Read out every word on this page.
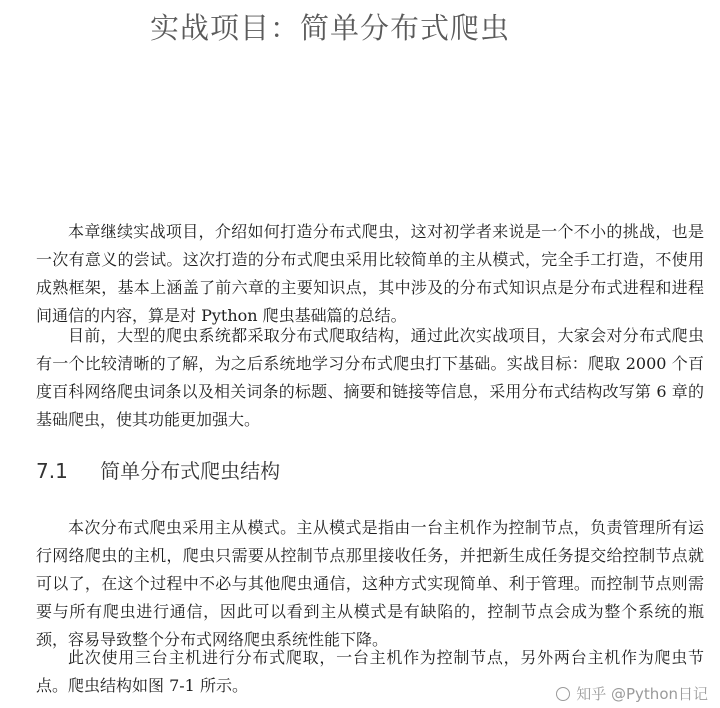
实战项目：简单分布式爬虫

本章继续实战项目，介绍如何打造分布式爬虫，这对初学者来说是一个不小的挑战，也是一次有意义的尝试。这次打造的分布式爬虫采用比较简单的主从模式，完全手工打造，不使用成熟框架，基本上涵盖了前六章的主要知识点，其中涉及的分布式知识点是分布式进程和进程间通信的内容，算是对 Python 爬虫基础篇的总结。

目前，大型的爬虫系统都采取分布式爬取结构，通过此次实战项目，大家会对分布式爬虫有一个比较清晰的了解，为之后系统地学习分布式爬虫打下基础。实战目标：爬取 2000 个百度百科网络爬虫词条以及相关词条的标题、摘要和链接等信息，采用分布式结构改写第 6 章的基础爬虫，使其功能更加强大。

7.1 简单分布式爬虫结构

本次分布式爬虫采用主从模式。主从模式是指由一台主机作为控制节点，负责管理所有运行网络爬虫的主机，爬虫只需要从控制节点那里接收任务，并把新生成任务提交给控制节点就可以了，在这个过程中不必与其他爬虫通信，这种方式实现简单、利于管理。而控制节点则需要与所有爬虫进行通信，因此可以看到主从模式是有缺陷的，控制节点会成为整个系统的瓶颈，容易导致整个分布式网络爬虫系统性能下降。

此次使用三台主机进行分布式爬取，一台主机作为控制节点，另外两台主机作为爬虫节点。爬虫结构如图 7-1 所示。	知乎 @Python日记
